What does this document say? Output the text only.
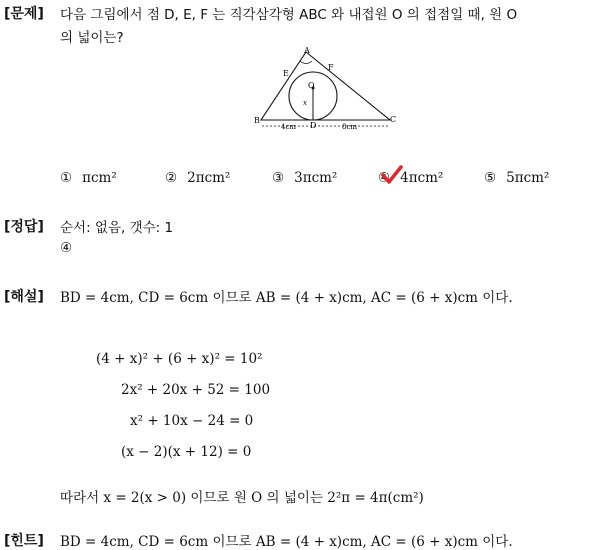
[문제] 다음 그림에서 점 D, E, F 는 직각삼각형 ABC 와 내접원 O 의 접점일 때, 원 O
의 넓이는?
A
B	C
D
E
F
O
x
4cm	8cm
① πcm²	② 2πcm²	③ 3πcm²	④ 4πcm²	⑤ 5πcm²
[정답] 순서: 없음, 갯수: 1
④
[해설] BD = 4cm, CD = 6cm 이므로 AB = (4 + x)cm, AC = (6 + x)cm 이다.
(4 + x)² + (6 + x)² = 10²
2x² + 20x + 52 = 100
x² + 10x − 24 = 0
(x − 2)(x + 12) = 0
따라서 x = 2(x > 0) 이므로 원 O 의 넓이는 2²π = 4π(cm²)
[힌트] BD = 4cm, CD = 6cm 이므로 AB = (4 + x)cm, AC = (6 + x)cm 이다.
